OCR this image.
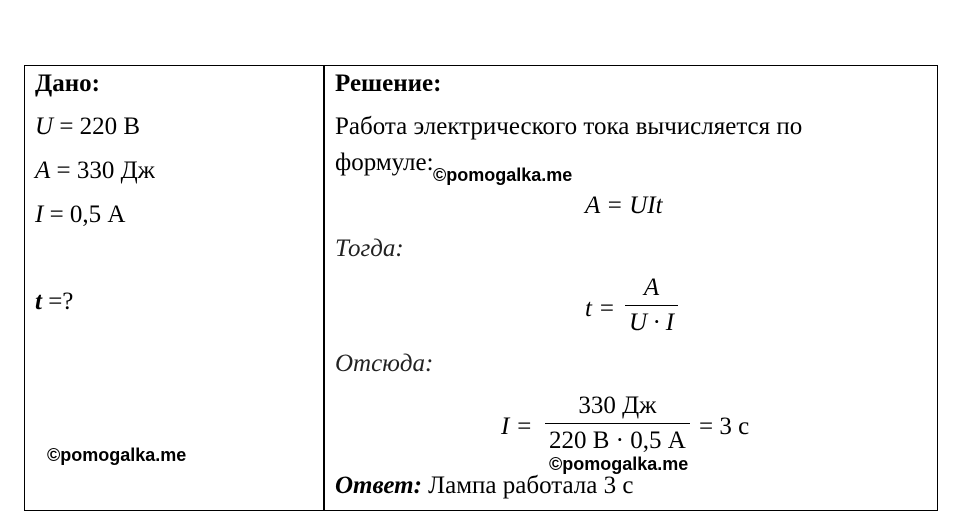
Дано:
U = 220 В
A = 330 Дж
I = 0,5 А
t =?
©pomogalka.me
Решение:
Работа электрического тока вычисляется по
формуле: ©pomogalka.me
A = UIt
Тогда:
t =
A
U · I
Отсюда:
I =
330 Дж
220 В · 0,5 А
= 3 с
©pomogalka.me
Ответ: Лампа работала 3 с
